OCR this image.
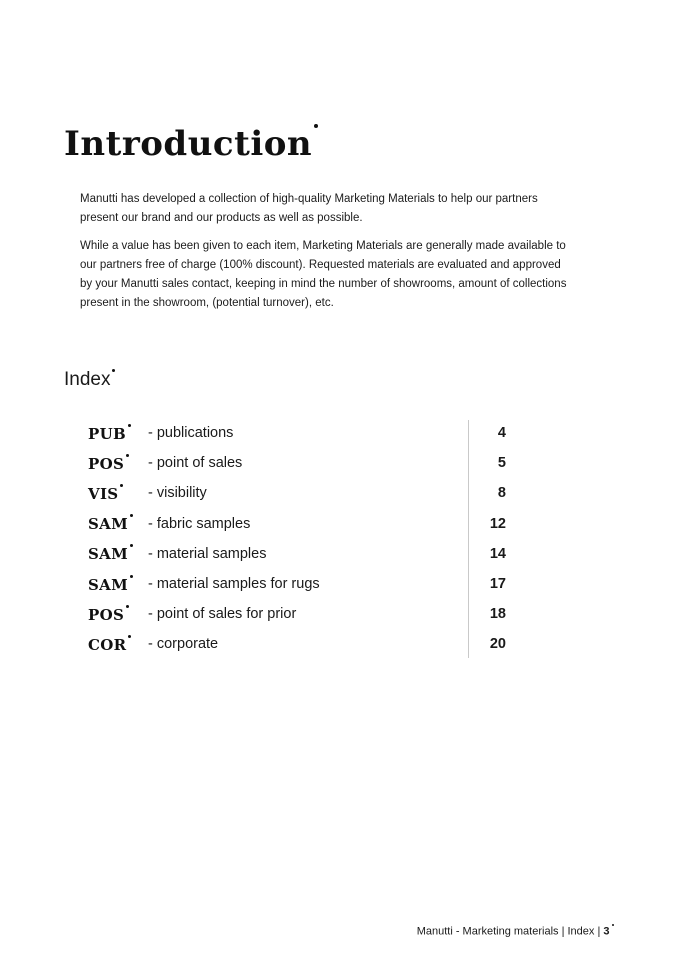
Introduction

Manutti has developed a collection of high-quality Marketing Materials to help our partners present our brand and our products as well as possible.

While a value has been given to each item, Marketing Materials are generally made available to our partners free of charge (100% discount). Requested materials are evaluated and approved by your Manutti sales contact, keeping in mind the number of showrooms, amount of collections present in the showroom, (potential turnover), etc.

Index
PUB	- publications	4
POS	- point of sales	5
VIS	- visibility	8
SAM	- fabric samples	12
SAM	- material samples	14
SAM	- material samples for rugs	17
POS	- point of sales for prior	18
COR	- corporate	20
Manutti - Marketing materials | Index | 3
